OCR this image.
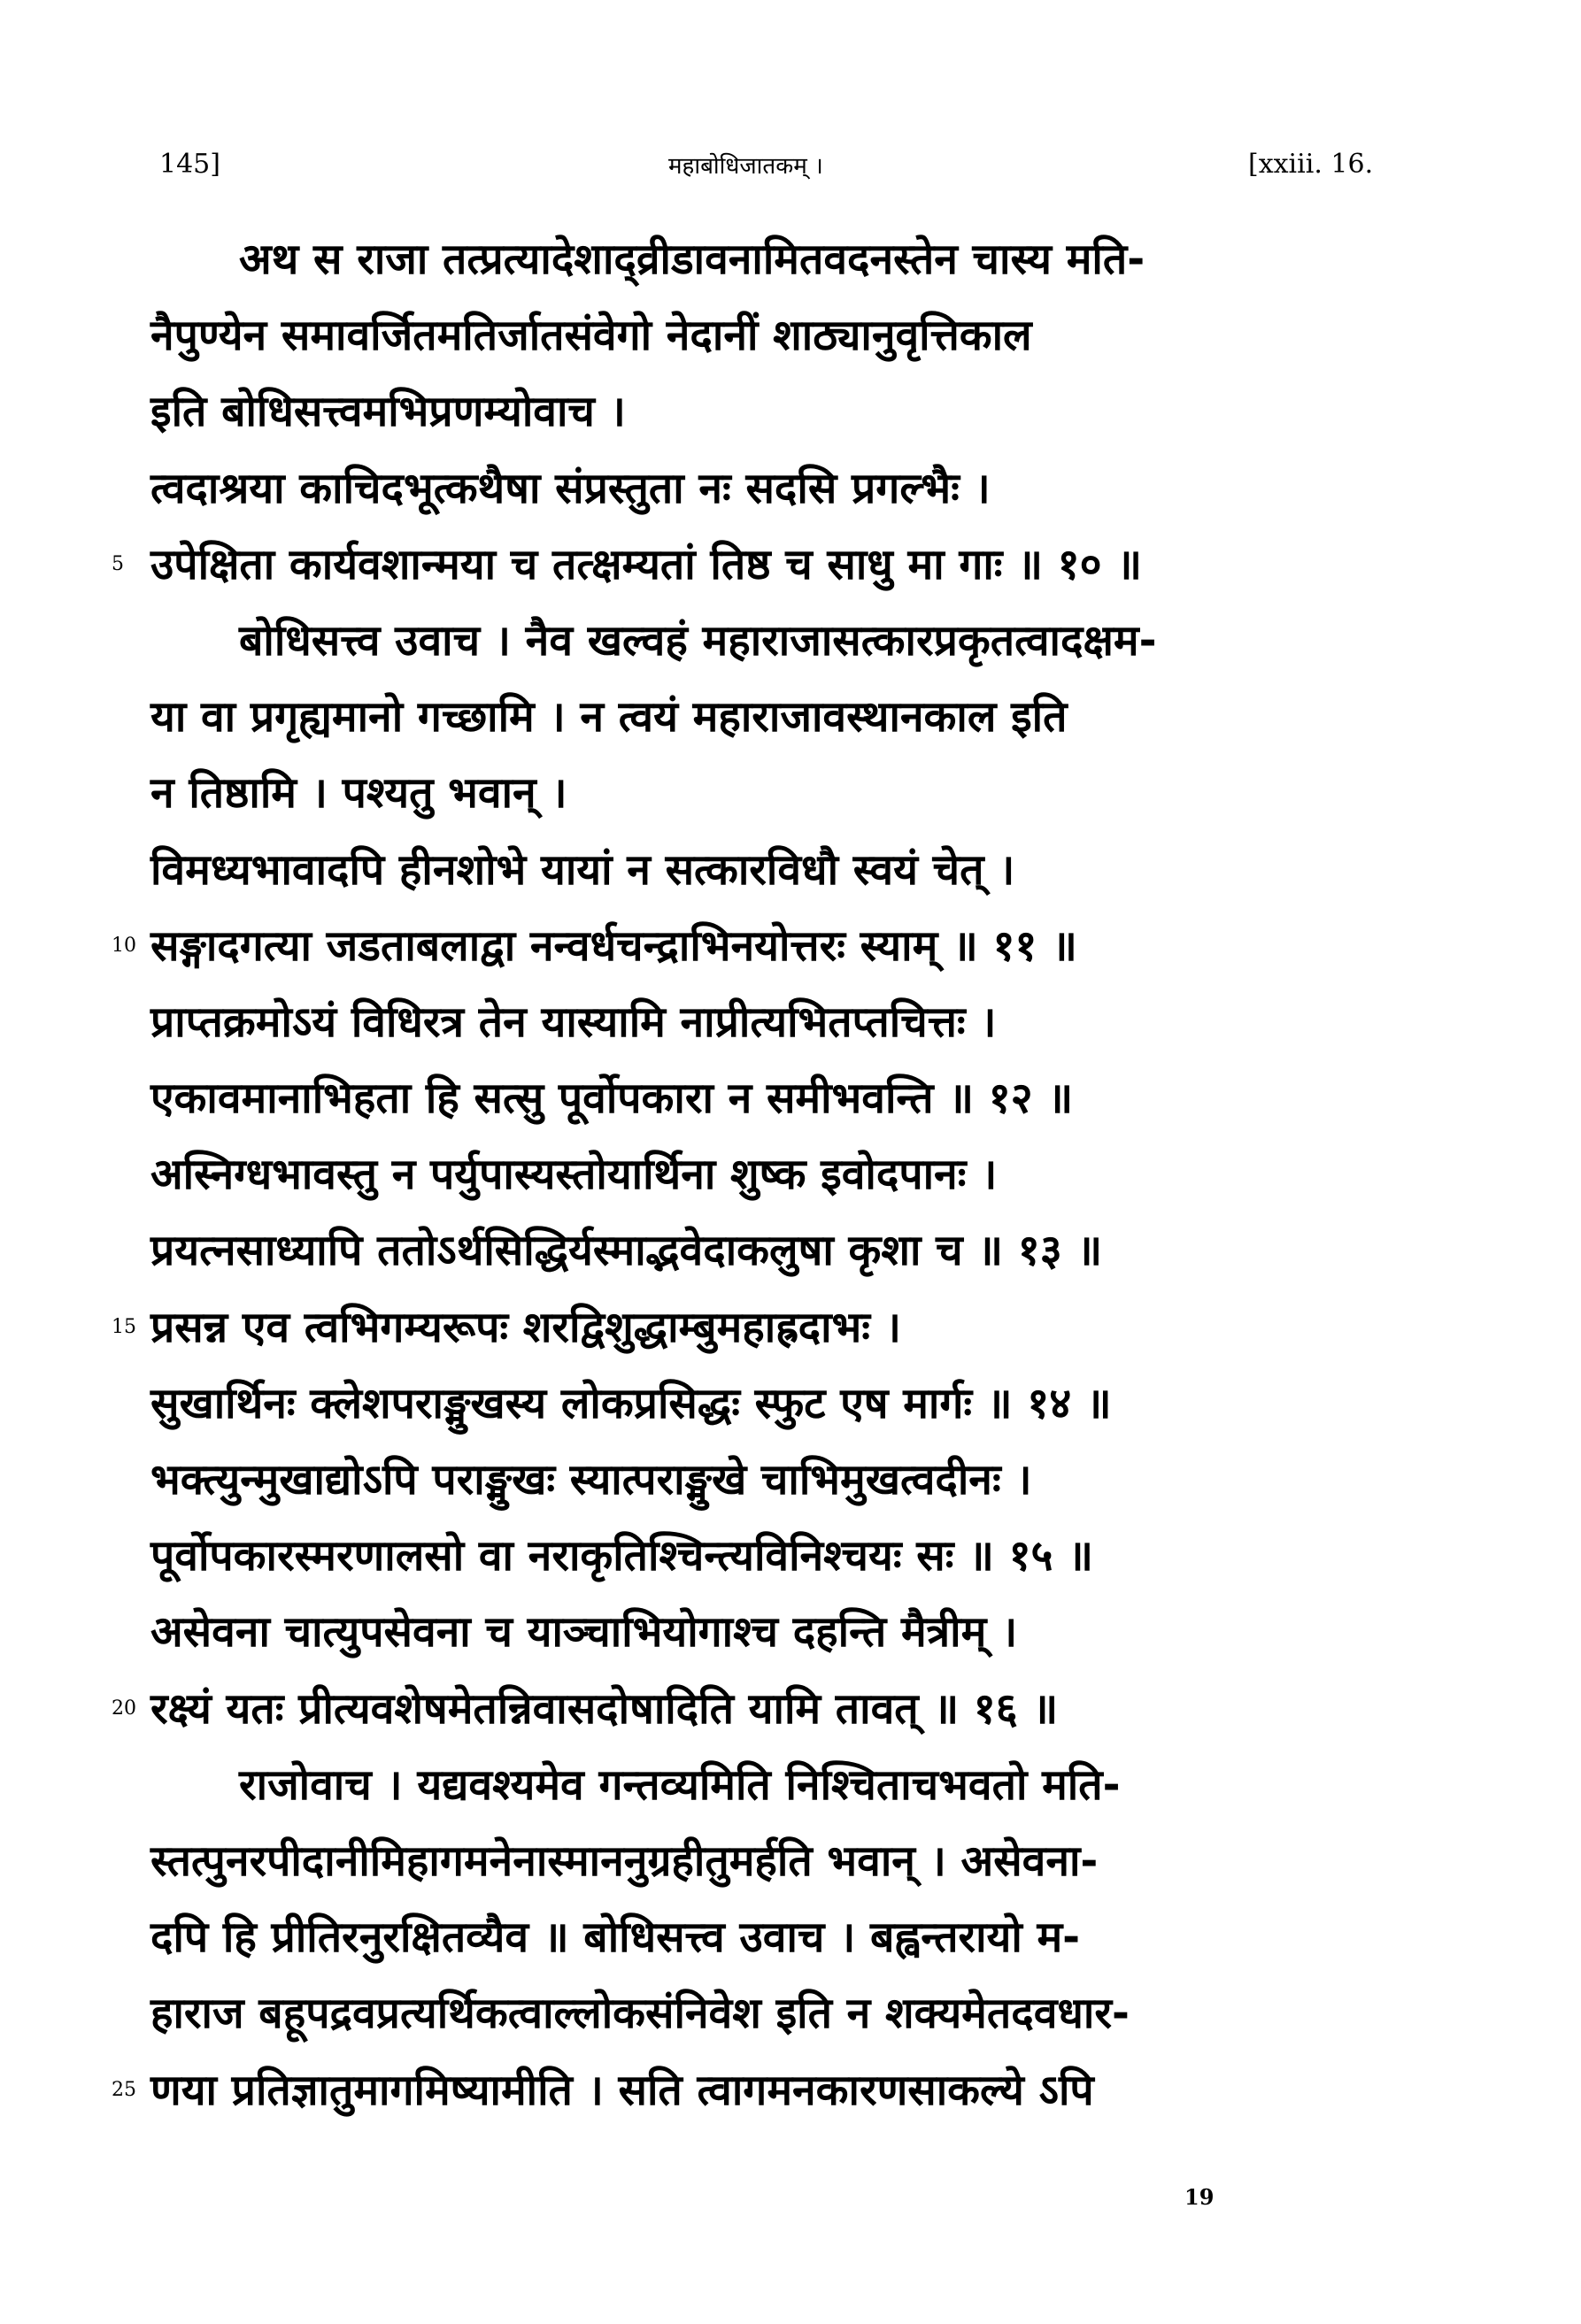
145]	महाबोधिजातकम् ।	[xxiii. 16.
अथ स राजा तत्प्रत्यादेशाद्व्रीडावनामितवदनस्तेन चास्य मति-
नैपुण्येन समावर्जितमतिर्जातसंवेगो नेदानीं शाठ्यानुवृत्तिकाल
इति बोधिसत्त्वमभिप्रणम्योवाच ।
त्वदाश्रया काचिदभूत्कथैषा संप्रस्तुता नः सदसि प्रगल्भैः ।
5 उपेक्षिता कार्यवशान्मया च तत्क्षम्यतां तिष्ठ च साधु मा गाः ॥ १० ॥
बोधिसत्त्व उवाच । नैव खल्वहं महाराजासत्कारप्रकृतत्वादक्षम-
या वा प्रगृह्यमानो गच्छामि । न त्वयं महाराजावस्थानकाल इति
न तिष्ठामि । पश्यतु भवान् ।
विमध्यभावादपि हीनशोभे यायां न सत्कारविधौ स्वयं चेत् ।
10 सङ्गादगत्या जडताबलाद्वा नन्वर्धचन्द्राभिनयोत्तरः स्याम् ॥ ११ ॥
प्राप्तक्रमोऽयं विधिरत्र तेन यास्यामि नाप्रीत्यभितप्तचित्तः ।
एकावमानाभिहता हि सत्सु पूर्वोपकारा न समीभवन्ति ॥ १२ ॥
अस्निग्धभावस्तु न पर्युपास्यस्तोयार्थिना शुष्क इवोदपानः ।
प्रयत्नसाध्यापि ततोऽर्थसिद्धिर्यस्माद्भवेदाकलुषा कृशा च ॥ १३ ॥
15 प्रसन्न एव त्वभिगम्यरूपः शरद्विशुद्धाम्बुमहाह्रदाभः ।
सुखार्थिनः क्लेशपराङ्मुखस्य लोकप्रसिद्धः स्फुट एष मार्गः ॥ १४ ॥
भक्त्युन्मुखाद्योऽपि पराङ्मुखः स्यात्पराङ्मुखे चाभिमुखत्वदीनः ।
पूर्वोपकारस्मरणालसो वा नराकृतिश्चिन्त्यविनिश्चयः सः ॥ १५ ॥
असेवना चात्युपसेवना च याञ्चाभियोगाश्च दहन्ति मैत्रीम् ।
20 रक्ष्यं यतः प्रीत्यवशेषमेतन्निवासदोषादिति यामि तावत् ॥ १६ ॥
राजोवाच । यद्यवश्यमेव गन्तव्यमिति निश्चिताचभवतो मति-
स्तत्पुनरपीदानीमिहागमनेनास्माननुग्रहीतुमर्हति भवान् । असेवना-
दपि हि प्रीतिरनुरक्षितव्यैव ॥ बोधिसत्त्व उवाच । बह्वन्तरायो म-
हाराज बहूपद्रवप्रत्यर्थिकत्वाल्लोकसंनिवेश इति न शक्यमेतदवधार-
25 णया प्रतिज्ञातुमागमिष्यामीति । सति त्वागमनकारणसाकल्ये ऽपि
19
